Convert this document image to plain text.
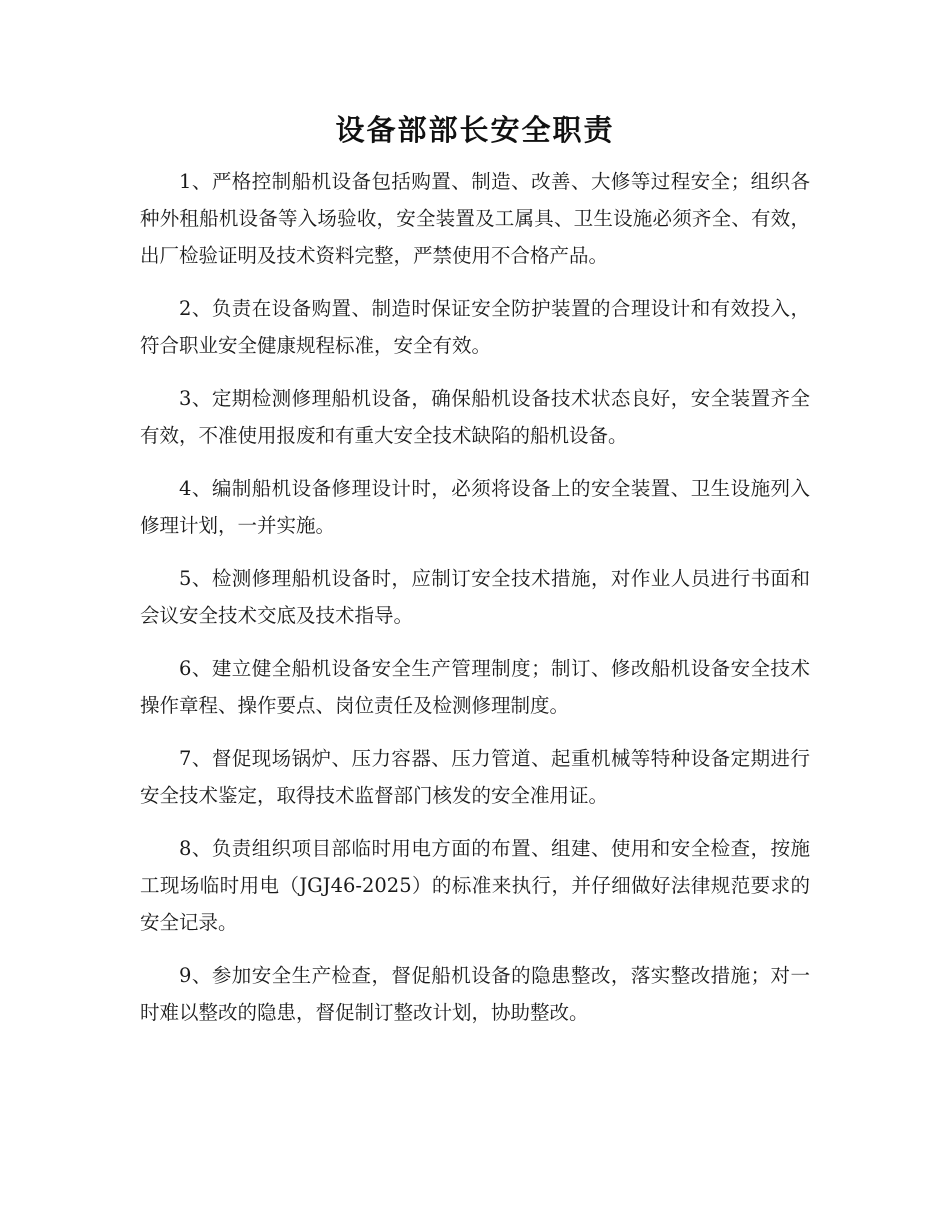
设备部部长安全职责

1、严格控制船机设备包括购置、制造、改善、大修等过程安全；组织各种外租船机设备等入场验收，安全装置及工属具、卫生设施必须齐全、有效，出厂检验证明及技术资料完整，严禁使用不合格产品。

2、负责在设备购置、制造时保证安全防护装置的合理设计和有效投入，符合职业安全健康规程标准，安全有效。

3、定期检测修理船机设备，确保船机设备技术状态良好，安全装置齐全有效，不准使用报废和有重大安全技术缺陷的船机设备。

4、编制船机设备修理设计时，必须将设备上的安全装置、卫生设施列入修理计划，一并实施。

5、检测修理船机设备时，应制订安全技术措施，对作业人员进行书面和会议安全技术交底及技术指导。

6、建立健全船机设备安全生产管理制度；制订、修改船机设备安全技术操作章程、操作要点、岗位责任及检测修理制度。

7、督促现场锅炉、压力容器、压力管道、起重机械等特种设备定期进行安全技术鉴定，取得技术监督部门核发的安全准用证。

8、负责组织项目部临时用电方面的布置、组建、使用和安全检查，按施工现场临时用电（JGJ46-2025）的标准来执行，并仔细做好法律规范要求的安全记录。

9、参加安全生产检查，督促船机设备的隐患整改，落实整改措施；对一时难以整改的隐患，督促制订整改计划，协助整改。
